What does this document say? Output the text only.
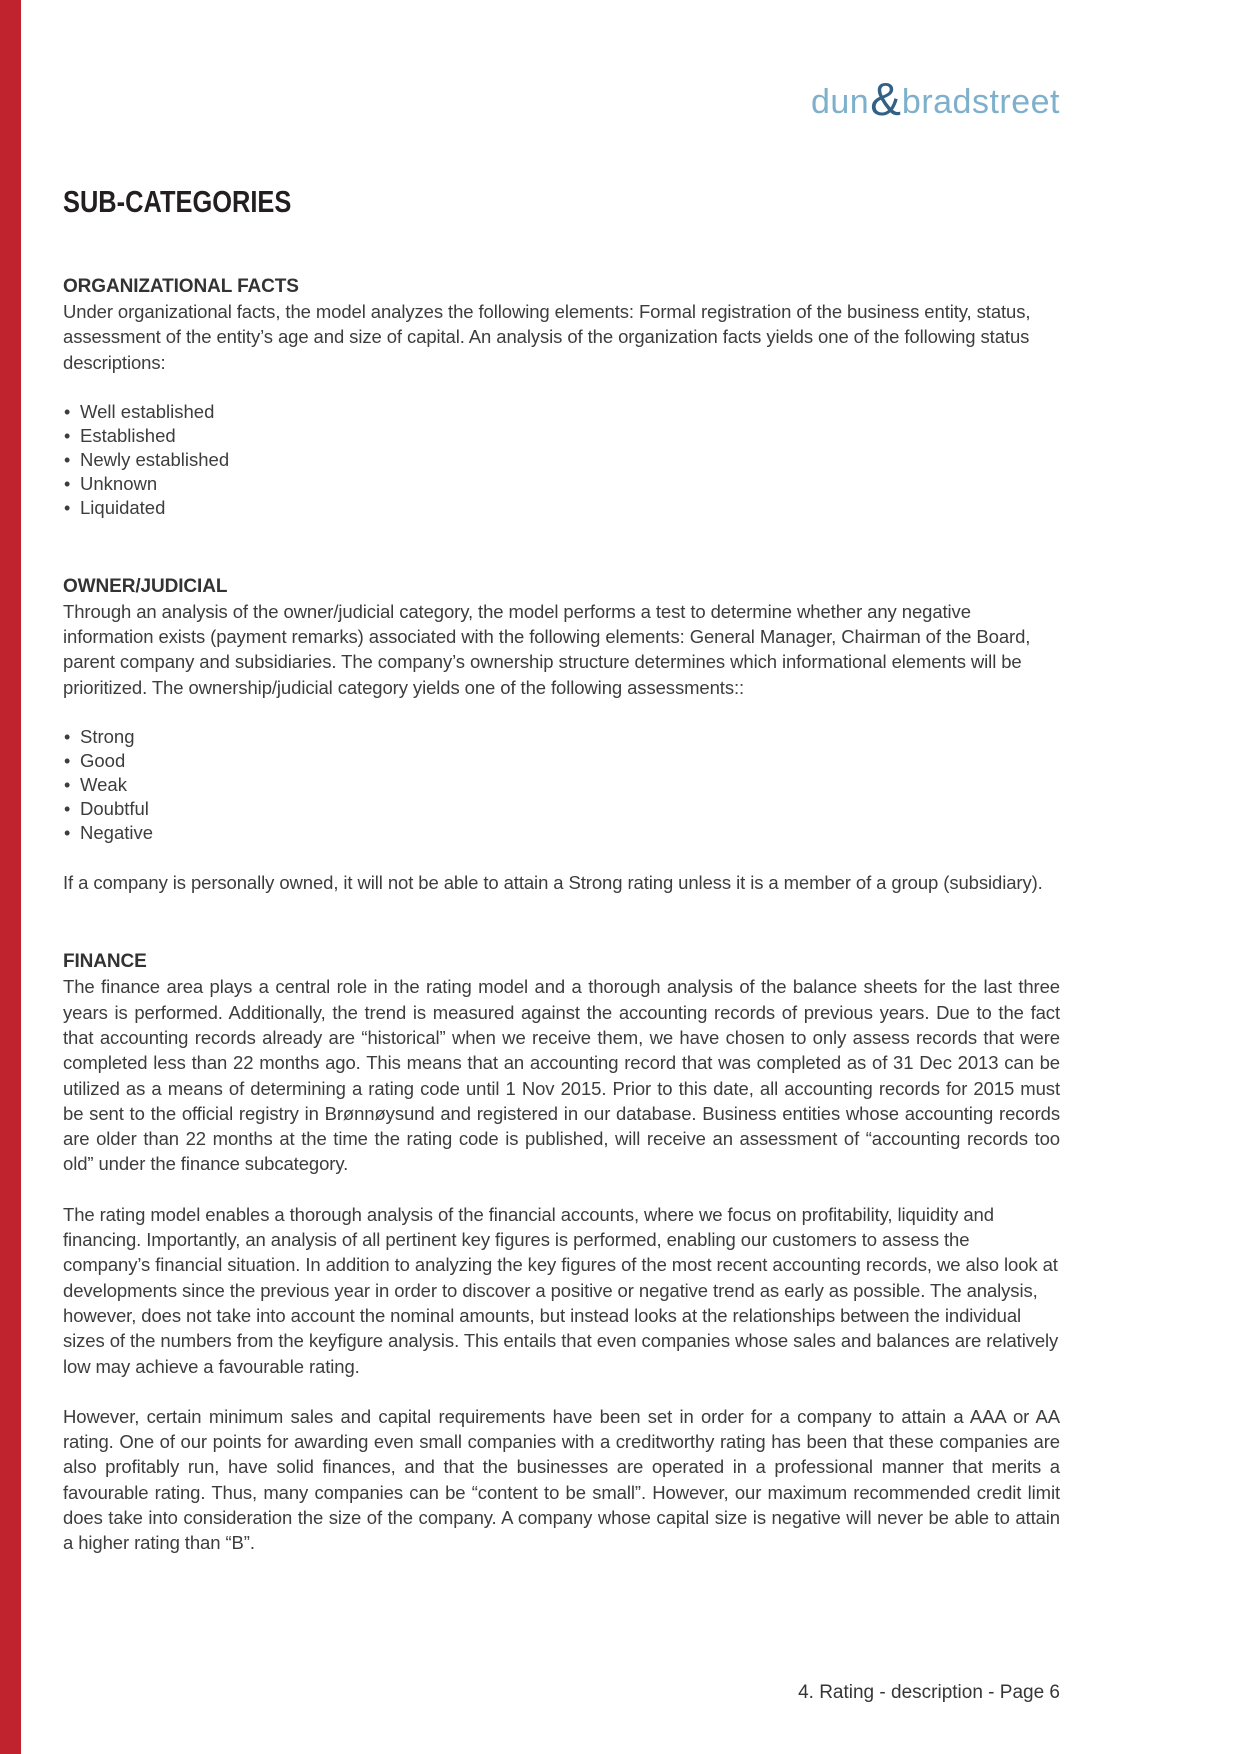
dun & bradstreet
SUB-CATEGORIES
ORGANIZATIONAL FACTS

Under organizational facts, the model analyzes the following elements: Formal registration of the business entity, status, assessment of the entity’s age and size of capital. An analysis of the organization facts yields one of the following status descriptions:

• Well established
• Established
• Newly established
• Unknown
• Liquidated
OWNER/JUDICIAL

Through an analysis of the owner/judicial category, the model performs a test to determine whether any negative information exists (payment remarks) associated with the following elements: General Manager, Chairman of the Board, parent company and subsidiaries. The company’s ownership structure determines which informational elements will be prioritized. The ownership/judicial category yields one of the following assessments::

• Strong
• Good
• Weak
• Doubtful
• Negative

If a company is personally owned, it will not be able to attain a Strong rating unless it is a member of a group (subsidiary).

FINANCE

The finance area plays a central role in the rating model and a thorough analysis of the balance sheets for the last three years is performed. Additionally, the trend is measured against the accounting records of previous years. Due to the fact that accounting records already are “historical” when we receive them, we have chosen to only assess records that were completed less than 22 months ago. This means that an accounting record that was completed as of 31 Dec 2013 can be utilized as a means of determining a rating code until 1 Nov 2015. Prior to this date, all accounting records for 2015 must be sent to the official registry in Brønnøysund and registered in our database. Business entities whose accounting records are older than 22 months at the time the rating code is published, will receive an assessment of “accounting records too old” under the finance subcategory.

The rating model enables a thorough analysis of the financial accounts, where we focus on profitability, liquidity and financing. Importantly, an analysis of all pertinent key figures is performed, enabling our customers to assess the company’s financial situation. In addition to analyzing the key figures of the most recent accounting records, we also look at developments since the previous year in order to discover a positive or negative trend as early as possible. The analysis, however, does not take into account the nominal amounts, but instead looks at the relationships between the individual sizes of the numbers from the keyfigure analysis. This entails that even companies whose sales and balances are relatively low may achieve a favourable rating.

However, certain minimum sales and capital requirements have been set in order for a company to attain a AAA or AA rating. One of our points for awarding even small companies with a creditworthy rating has been that these companies are also profitably run, have solid finances, and that the businesses are operated in a professional manner that merits a favourable rating. Thus, many companies can be “content to be small”. However, our maximum recommended credit limit does take into consideration the size of the company. A company whose capital size is negative will never be able to attain a higher rating than “B”.

4. Rating - description - Page 6
